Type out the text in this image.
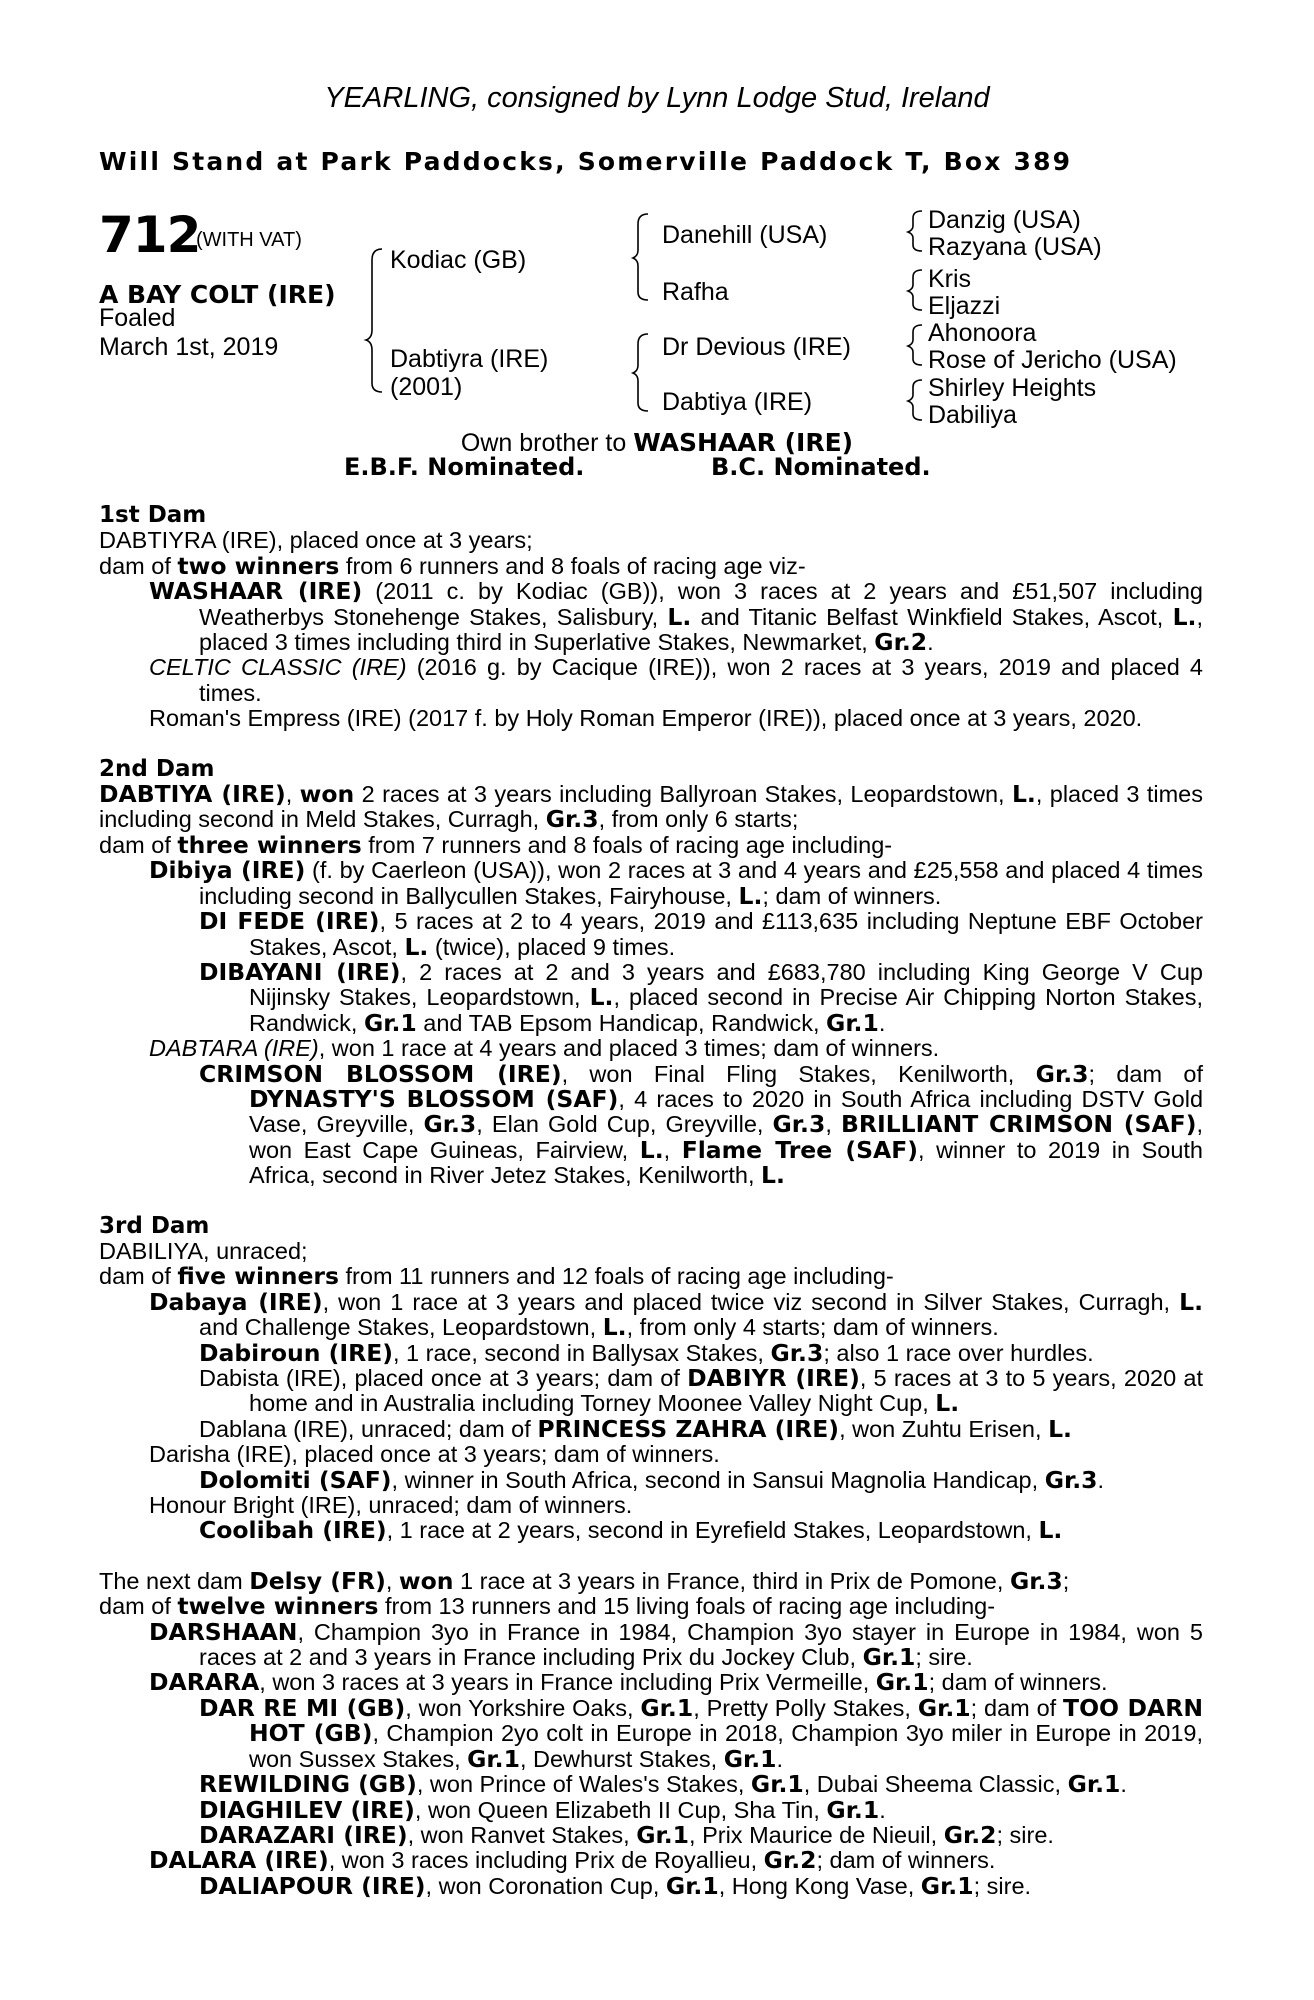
YEARLING, consigned by Lynn Lodge Stud, Ireland
Will Stand at Park Paddocks, Somerville Paddock T, Box 389
712
(WITH VAT)
A BAY COLT (IRE)
Foaled
March 1st, 2019
Kodiac (GB)
Dabtiyra (IRE)
(2001)
Danehill (USA)
Rafha
Dr Devious (IRE)
Dabtiya (IRE)
Danzig (USA)
Razyana (USA)
Kris
Eljazzi
Ahonoora
Rose of Jericho (USA)
Shirley Heights
Dabiliya
Own brother to WASHAAR (IRE)
E.B.F. Nominated.	B.C. Nominated.

1st Dam

DABTIYRA (IRE), placed once at 3 years;

dam of two winners from 6 runners and 8 foals of racing age viz-

WASHAAR (IRE) (2011 c. by Kodiac (GB)), won 3 races at 2 years and £51,507 including Weatherbys Stonehenge Stakes, Salisbury, L. and Titanic Belfast Winkfield Stakes, Ascot, L., placed 3 times including third in Superlative Stakes, Newmarket, Gr.2.

CELTIC CLASSIC (IRE) (2016 g. by Cacique (IRE)), won 2 races at 3 years, 2019 and placed 4 times.

Roman's Empress (IRE) (2017 f. by Holy Roman Emperor (IRE)), placed once at 3 years, 2020.

2nd Dam

DABTIYA (IRE), won 2 races at 3 years including Ballyroan Stakes, Leopardstown, L., placed 3 times including second in Meld Stakes, Curragh, Gr.3, from only 6 starts;

dam of three winners from 7 runners and 8 foals of racing age including-

Dibiya (IRE) (f. by Caerleon (USA)), won 2 races at 3 and 4 years and £25,558 and placed 4 times including second in Ballycullen Stakes, Fairyhouse, L.; dam of winners.

DI FEDE (IRE), 5 races at 2 to 4 years, 2019 and £113,635 including Neptune EBF October Stakes, Ascot, L. (twice), placed 9 times.

DIBAYANI (IRE), 2 races at 2 and 3 years and £683,780 including King George V Cup Nijinsky Stakes, Leopardstown, L., placed second in Precise Air Chipping Norton Stakes, Randwick, Gr.1 and TAB Epsom Handicap, Randwick, Gr.1.

DABTARA (IRE), won 1 race at 4 years and placed 3 times; dam of winners.

CRIMSON BLOSSOM (IRE), won Final Fling Stakes, Kenilworth, Gr.3; dam of DYNASTY'S BLOSSOM (SAF), 4 races to 2020 in South Africa including DSTV Gold Vase, Greyville, Gr.3, Elan Gold Cup, Greyville, Gr.3, BRILLIANT CRIMSON (SAF), won East Cape Guineas, Fairview, L., Flame Tree (SAF), winner to 2019 in South Africa, second in River Jetez Stakes, Kenilworth, L.

3rd Dam

DABILIYA, unraced;

dam of five winners from 11 runners and 12 foals of racing age including-

Dabaya (IRE), won 1 race at 3 years and placed twice viz second in Silver Stakes, Curragh, L. and Challenge Stakes, Leopardstown, L., from only 4 starts; dam of winners.

Dabiroun (IRE), 1 race, second in Ballysax Stakes, Gr.3; also 1 race over hurdles.

Dabista (IRE), placed once at 3 years; dam of DABIYR (IRE), 5 races at 3 to 5 years, 2020 at home and in Australia including Torney Moonee Valley Night Cup, L.

Dablana (IRE), unraced; dam of PRINCESS ZAHRA (IRE), won Zuhtu Erisen, L.

Darisha (IRE), placed once at 3 years; dam of winners.

Dolomiti (SAF), winner in South Africa, second in Sansui Magnolia Handicap, Gr.3.

Honour Bright (IRE), unraced; dam of winners.

Coolibah (IRE), 1 race at 2 years, second in Eyrefield Stakes, Leopardstown, L.

The next dam Delsy (FR), won 1 race at 3 years in France, third in Prix de Pomone, Gr.3;

dam of twelve winners from 13 runners and 15 living foals of racing age including-

DARSHAAN, Champion 3yo in France in 1984, Champion 3yo stayer in Europe in 1984, won 5 races at 2 and 3 years in France including Prix du Jockey Club, Gr.1; sire.

DARARA, won 3 races at 3 years in France including Prix Vermeille, Gr.1; dam of winners.

DAR RE MI (GB), won Yorkshire Oaks, Gr.1, Pretty Polly Stakes, Gr.1; dam of TOO DARN HOT (GB), Champion 2yo colt in Europe in 2018, Champion 3yo miler in Europe in 2019, won Sussex Stakes, Gr.1, Dewhurst Stakes, Gr.1.

REWILDING (GB), won Prince of Wales's Stakes, Gr.1, Dubai Sheema Classic, Gr.1.

DIAGHILEV (IRE), won Queen Elizabeth II Cup, Sha Tin, Gr.1.

DARAZARI (IRE), won Ranvet Stakes, Gr.1, Prix Maurice de Nieuil, Gr.2; sire.

DALARA (IRE), won 3 races including Prix de Royallieu, Gr.2; dam of winners.

DALIAPOUR (IRE), won Coronation Cup, Gr.1, Hong Kong Vase, Gr.1; sire.
